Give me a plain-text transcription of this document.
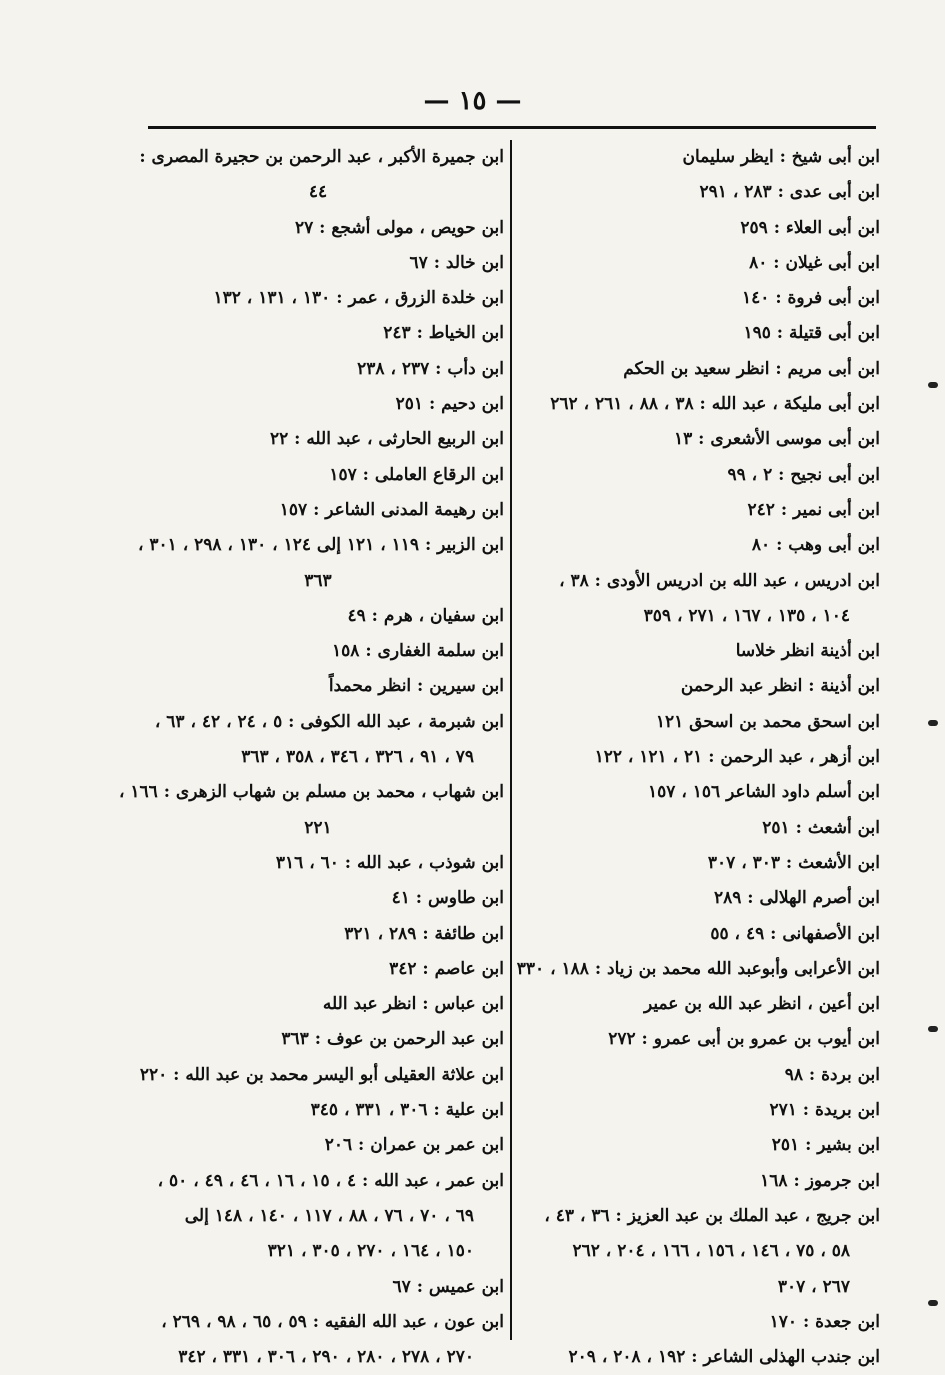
— ١٥ —
ابن أبى شيخ : ايظر سليمان
ابن أبى عدى : ٢٨٣ ، ٢٩١
ابن أبى العلاء : ٢٥٩
ابن أبى غيلان : ٨٠
ابن أبى فروة : ١٤٠
ابن أبى قتيلة : ١٩٥
ابن أبى مريم : انظر سعيد بن الحكم
ابن أبى مليكة ، عبد الله : ٣٨ ، ٨٨ ، ٢٦١ ، ٢٦٢
ابن أبى موسى الأشعرى : ١٣
ابن أبى نجيح : ٢ ، ٩٩
ابن أبى نمير : ٢٤٢
ابن أبى وهب : ٨٠
ابن ادريس ، عبد الله بن ادريس الأودى : ٣٨ ،
١٠٤ ، ١٣٥ ، ١٦٧ ، ٢٧١ ، ٣٥٩
ابن أذينة انظر خلاسا
ابن أذينة : انظر عبد الرحمن
ابن اسحق محمد بن اسحق ١٢١
ابن أزهر ، عبد الرحمن : ٢١ ، ١٢١ ، ١٢٢
ابن أسلم داود الشاعر ١٥٦ ، ١٥٧
ابن أشعث : ٢٥١
ابن الأشعث : ٣٠٣ ، ٣٠٧
ابن أصرم الهلالى : ٢٨٩
ابن الأصفهانى : ٤٩ ، ٥٥
ابن الأعرابى وأبوعبد الله محمد بن زياد : ١٨٨ ، ٣٣٠
ابن أعين ، انظر عبد الله بن عمير
ابن أيوب بن عمرو بن أبى عمرو : ٢٧٢
ابن بردة : ٩٨
ابن بريدة : ٢٧١
ابن بشير : ٢٥١
ابن جرموز : ١٦٨
ابن جريج ، عبد الملك بن عبد العزيز : ٣٦ ، ٤٣ ،
٥٨ ، ٧٥ ، ١٤٦ ، ١٥٦ ، ١٦٦ ، ٢٠٤ ، ٢٦٢
٢٦٧ ، ٣٠٧
ابن جعدة : ١٧٠
ابن جندب الهذلى الشاعر : ١٩٢ ، ٢٠٨ ، ٢٠٩
ابن جميرة الأكبر ، عبد الرحمن بن حجيرة المصرى :
٤٤
ابن حويص ، مولى أشجع : ٢٧
ابن خالد : ٦٧
ابن خلدة الزرق ، عمر : ١٣٠ ، ١٣١ ، ١٣٢
ابن الخياط : ٢٤٣
ابن دأب : ٢٣٧ ، ٢٣٨
ابن دحيم : ٢٥١
ابن الربيع الحارثى ، عبد الله : ٢٢
ابن الرقاع العاملى : ١٥٧
ابن رهيمة المدنى الشاعر : ١٥٧
ابن الزبير : ١١٩ ، ١٢١ إلى ١٢٤ ، ١٣٠ ، ٢٩٨ ، ٣٠١ ،
٣٦٣
ابن سفيان ، هرم : ٤٩
ابن سلمة الغفارى : ١٥٨
ابن سيرين : انظر محمداً
ابن شبرمة ، عبد الله الكوفى : ٥ ، ٢٤ ، ٤٢ ، ٦٣ ،
٧٩ ، ٩١ ، ٣٢٦ ، ٣٤٦ ، ٣٥٨ ، ٣٦٣
ابن شهاب ، محمد بن مسلم بن شهاب الزهرى : ١٦٦ ،
٢٢١
ابن شوذب ، عبد الله : ٦٠ ، ٣١٦
ابن طاوس : ٤١
ابن طائفة : ٢٨٩ ، ٣٢١
ابن عاصم : ٣٤٢
ابن عباس : انظر عبد الله
ابن عبد الرحمن بن عوف : ٣٦٣
ابن علاثة العقيلى أبو اليسر محمد بن عبد الله : ٢٢٠
ابن علية : ٣٠٦ ، ٣٣١ ، ٣٤٥
ابن عمر بن عمران : ٢٠٦
ابن عمر ، عبد الله : ٤ ، ١٥ ، ١٦ ، ٤٦ ، ٤٩ ، ٥٠ ،
٦٩ ، ٧٠ ، ٧٦ ، ٨٨ ، ١١٧ ، ١٤٠ ، ١٤٨ إلى
١٥٠ ، ١٦٤ ، ٢٧٠ ، ٣٠٥ ، ٣٢١
ابن عميس : ٦٧
ابن عون ، عبد الله الفقيه : ٥٩ ، ٦٥ ، ٩٨ ، ٢٦٩ ،
٢٧٠ ، ٢٧٨ ، ٢٨٠ ، ٢٩٠ ، ٣٠٦ ، ٣٣١ ، ٣٤٢
